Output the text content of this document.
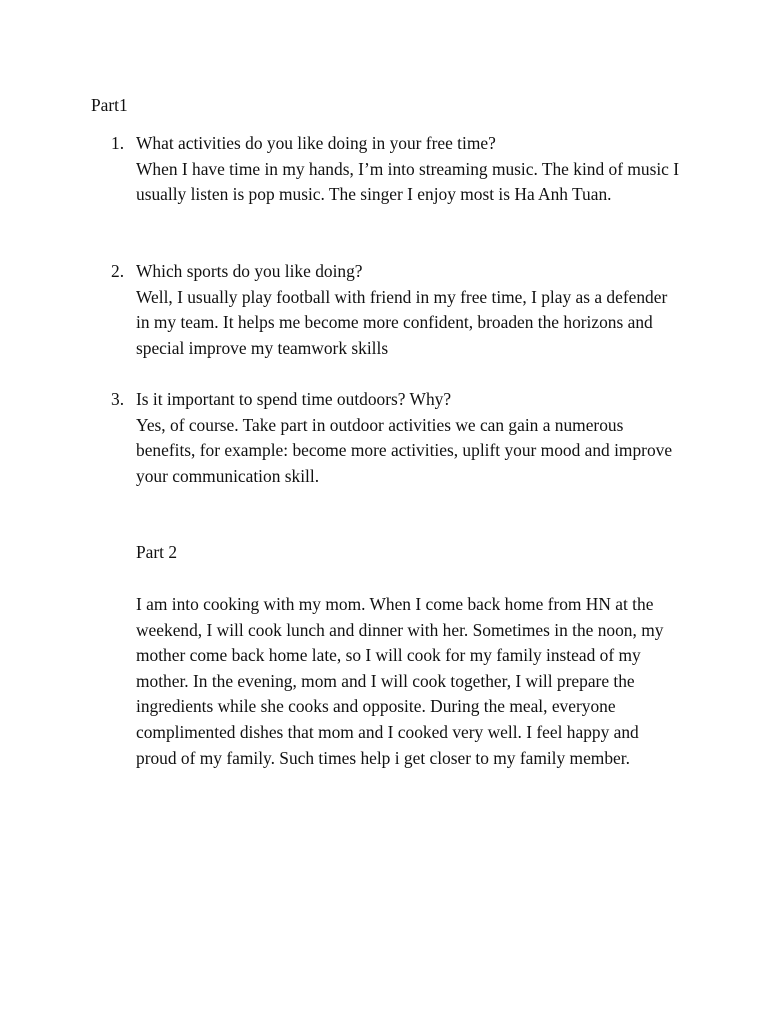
Part1
1. What activities do you like doing in your free time?
When I have time in my hands, I’m into streaming music. The kind of music I usually listen is pop music. The singer I enjoy most is Ha Anh Tuan.
2. Which sports do you like doing?
Well, I usually play football with friend in my free time, I play as a defender in my team. It helps me become more confident, broaden the horizons and special improve my teamwork skills
3. Is it important to spend time outdoors? Why?
Yes, of course. Take part in outdoor activities we can gain a numerous benefits, for example: become more activities, uplift your mood and improve your communication skill.
Part 2

I am into cooking with my mom. When I come back home from HN at the weekend, I will cook lunch and dinner with her. Sometimes in the noon, my mother come back home late, so I will cook for my family instead of my mother. In the evening, mom and I will cook together, I will prepare the ingredients while she cooks and opposite. During the meal, everyone complimented dishes that mom and I cooked very well. I feel happy and proud of my family. Such times help i get closer to my family member.
